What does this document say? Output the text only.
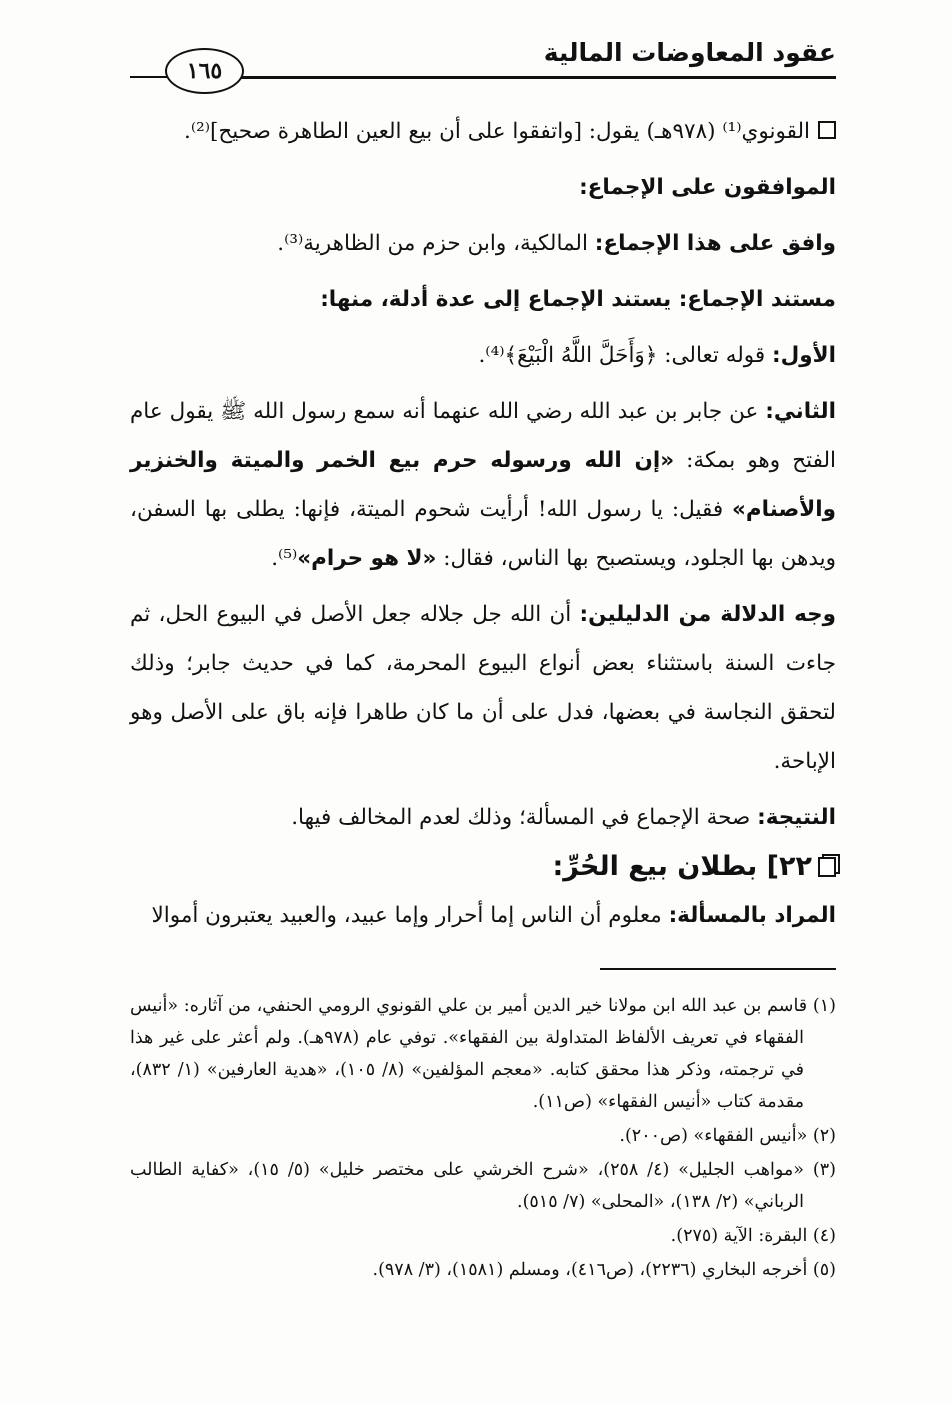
عقود المعاوضات المالية
١٦٥

القونوي⁽¹⁾ (٩٧٨هـ) يقول: [واتفقوا على أن بيع العين الطاهرة صحيح]⁽²⁾.

الموافقون على الإجماع:

وافق على هذا الإجماع: المالكية، وابن حزم من الظاهرية⁽³⁾.

مستند الإجماع: يستند الإجماع إلى عدة أدلة، منها:

الأول: قوله تعالى: ﴿وَأَحَلَّ اللَّهُ الْبَيْعَ﴾⁽⁴⁾.

الثاني: عن جابر بن عبد الله رضي الله عنهما أنه سمع رسول الله ﷺ يقول عام الفتح وهو بمكة: «إن الله ورسوله حرم بيع الخمر والميتة والخنزير والأصنام» فقيل: يا رسول الله! أرأيت شحوم الميتة، فإنها: يطلى بها السفن، ويدهن بها الجلود، ويستصبح بها الناس، فقال: «لا هو حرام»⁽⁵⁾.

وجه الدلالة من الدليلين: أن الله جل جلاله جعل الأصل في البيوع الحل، ثم جاءت السنة باستثناء بعض أنواع البيوع المحرمة، كما في حديث جابر؛ وذلك لتحقق النجاسة في بعضها، فدل على أن ما كان طاهرا فإنه باق على الأصل وهو الإباحة.

النتيجة: صحة الإجماع في المسألة؛ وذلك لعدم المخالف فيها.

٢٢] بطلان بيع الحُرِّ:

المراد بالمسألة: معلوم أن الناس إما أحرار وإما عبيد، والعبيد يعتبرون أموالا

(١) قاسم بن عبد الله ابن مولانا خير الدين أمير بن علي القونوي الرومي الحنفي، من آثاره: «أنيس الفقهاء في تعريف الألفاظ المتداولة بين الفقهاء». توفي عام (٩٧٨هـ). ولم أعثر على غير هذا في ترجمته، وذكر هذا محقق كتابه. «معجم المؤلفين» (٨/ ١٠٥)، «هدية العارفين» (١/ ٨٣٢)، مقدمة كتاب «أنيس الفقهاء» (ص١١).

(٢) «أنيس الفقهاء» (ص٢٠٠).

(٣) «مواهب الجليل» (٤/ ٢٥٨)، «شرح الخرشي على مختصر خليل» (٥/ ١٥)، «كفاية الطالب الرباني» (٢/ ١٣٨)، «المحلى» (٧/ ٥١٥).

(٤) البقرة: الآية (٢٧٥).

(٥) أخرجه البخاري (٢٢٣٦)، (ص٤١٦)، ومسلم (١٥٨١)، (٣/ ٩٧٨).
